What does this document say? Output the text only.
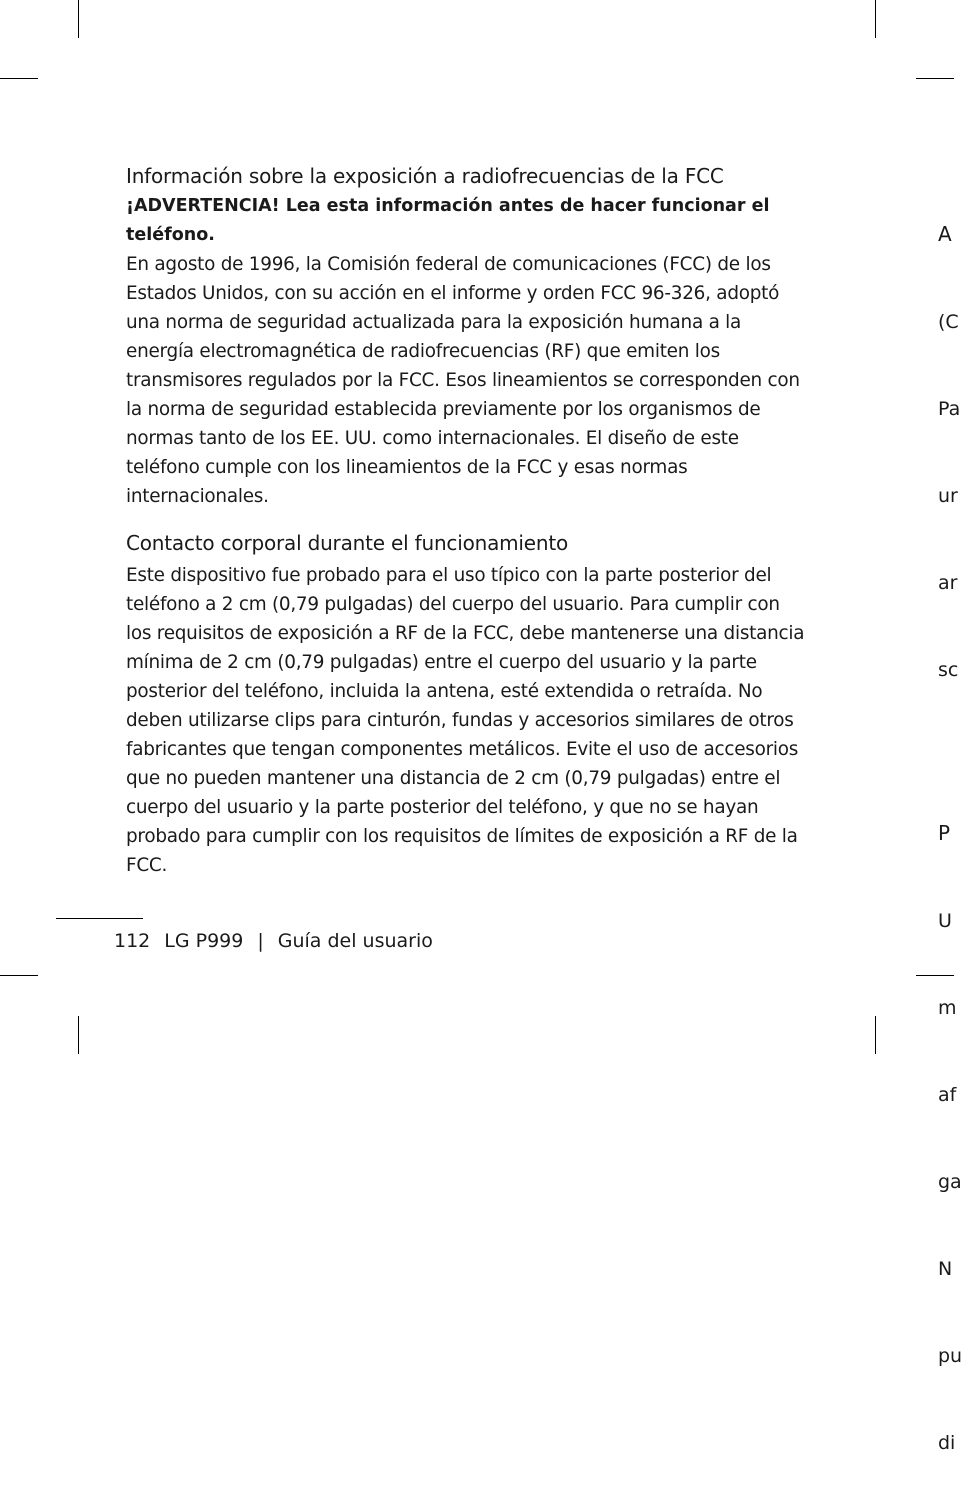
Información sobre la exposición a radiofrecuencias de la FCC

¡ADVERTENCIA! Lea esta información antes de hacer funcionar el teléfono.

En agosto de 1996, la Comisión federal de comunicaciones (FCC) de los Estados Unidos, con su acción en el informe y orden FCC 96-326, adoptó una norma de seguridad actualizada para la exposición humana a la energía electromagnética de radiofrecuencias (RF) que emiten los transmisores regulados por la FCC. Esos lineamientos se corresponden con la norma de seguridad establecida previamente por los organismos de normas tanto de los EE. UU. como internacionales. El diseño de este teléfono cumple con los lineamientos de la FCC y esas normas internacionales.

Contacto corporal durante el funcionamiento

Este dispositivo fue probado para el uso típico con la parte posterior del teléfono a 2 cm (0,79 pulgadas) del cuerpo del usuario. Para cumplir con los requisitos de exposición a RF de la FCC, debe mantenerse una distancia mínima de 2 cm (0,79 pulgadas) entre el cuerpo del usuario y la parte posterior del teléfono, incluida la antena, esté extendida o retraída. No deben utilizarse clips para cinturón, fundas y accesorios similares de otros fabricantes que tengan componentes metálicos. Evite el uso de accesorios que no pueden mantener una distancia de 2 cm (0,79 pulgadas) entre el cuerpo del usuario y la parte posterior del teléfono, y que no se hayan probado para cumplir con los requisitos de límites de exposición a RF de la FCC.

112 LG P999 | Guía del usuario

A

(C

Pa

ur

ar

sc

P

U

m

af

ga

N

pu

di
